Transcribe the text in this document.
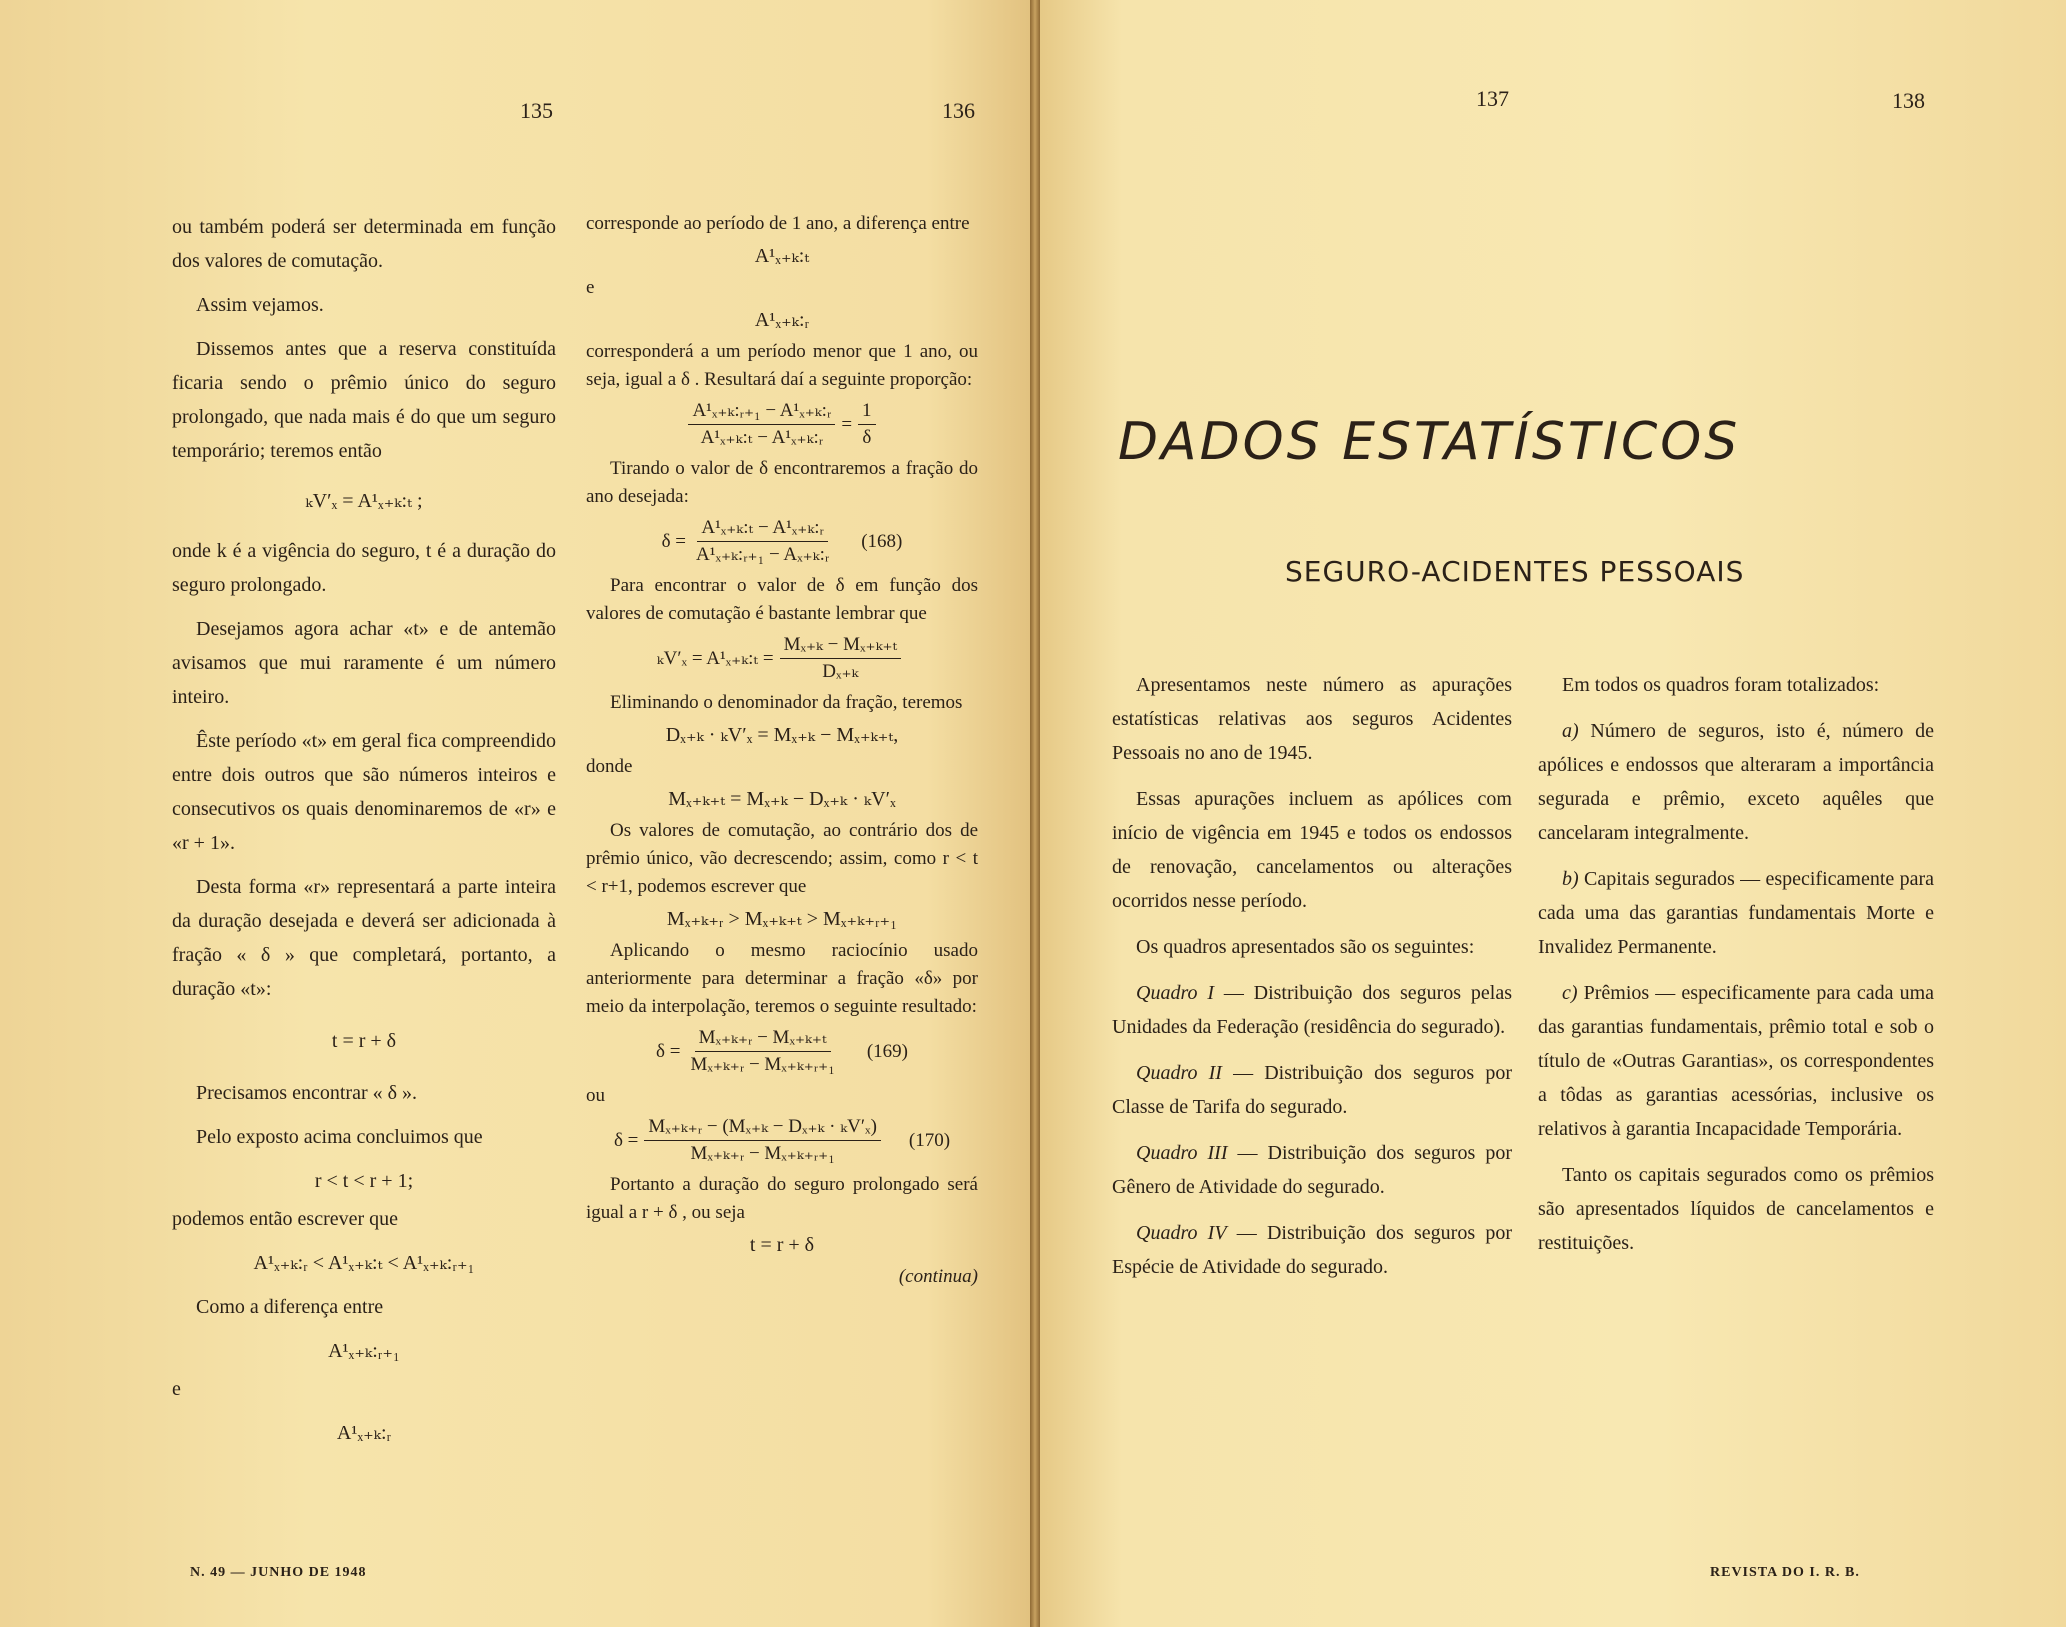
135	136

ou também poderá ser determinada em função dos valores de comutação.

Assim vejamos.

Dissemos antes que a reserva constituída ficaria sendo o prêmio único do seguro prolongado, que nada mais é do que um seguro temporário; teremos então

ₖV′ₓ = A¹ₓ₊ₖ:ₜ ;

onde k é a vigência do seguro, t é a duração do seguro prolongado.

Desejamos agora achar «t» e de antemão avisamos que mui raramente é um número inteiro.

Êste período «t» em geral fica compreendido entre dois outros que são números inteiros e consecutivos os quais denominaremos de «r» e «r + 1».

Desta forma «r» representará a parte inteira da duração desejada e deverá ser adicionada à fração « δ » que completará, portanto, a duração «t»:

t = r + δ

Precisamos encontrar « δ ».

Pelo exposto acima concluimos que

r < t < r + 1;

podemos então escrever que

A¹ₓ₊ₖ:ᵣ < A¹ₓ₊ₖ:ₜ < A¹ₓ₊ₖ:ᵣ₊₁

Como a diferença entre

A¹ₓ₊ₖ:ᵣ₊₁

e

A¹ₓ₊ₖ:ᵣ

corresponde ao período de 1 ano, a diferença entre

A¹ₓ₊ₖ:ₜ

e

A¹ₓ₊ₖ:ᵣ

corresponderá a um período menor que 1 ano, ou seja, igual a δ . Resultará daí a seguinte proporção:

$\frac{\text{A¹ₓ₊ₖ:ᵣ₊₁ − A¹ₓ₊ₖ:ᵣ}}{\text{A¹ₓ₊ₖ:ₜ − A¹ₓ₊ₖ:ᵣ}} = \frac{1}{\delta}$

Tirando o valor de δ encontraremos a fração do ano desejada:

$\delta = \frac{\text{A¹ₓ₊ₖ:ₜ − A¹ₓ₊ₖ:ᵣ}}{\text{A¹ₓ₊ₖ:ᵣ₊₁ − Aₓ₊ₖ:ᵣ}} (168)$

Para encontrar o valor de δ em função dos valores de comutação é bastante lembrar que

ₖV′ₓ = A¹ₓ₊ₖ:ₜ = $\frac{\text{Mₓ₊ₖ − Mₓ₊ₖ₊ₜ}}{\text{Dₓ₊ₖ}}$

Eliminando o denominador da fração, teremos

Dₓ₊ₖ · ₖV′ₓ = Mₓ₊ₖ − Mₓ₊ₖ₊ₜ,

donde

Mₓ₊ₖ₊ₜ = Mₓ₊ₖ − Dₓ₊ₖ · ₖV′ₓ

Os valores de comutação, ao contrário dos de prêmio único, vão decrescendo; assim, como r < t < r+1, podemos escrever que

Mₓ₊ₖ₊ᵣ > Mₓ₊ₖ₊ₜ > Mₓ₊ₖ₊ᵣ₊₁

Aplicando o mesmo raciocínio usado anteriormente para determinar a fração «δ» por meio da interpolação, teremos o seguinte resultado:

$\delta = \frac{\text{Mₓ₊ₖ₊ᵣ − Mₓ₊ₖ₊ₜ}}{\text{Mₓ₊ₖ₊ᵣ − Mₓ₊ₖ₊ᵣ₊₁}} (169)$

ou

$\delta = \frac{\text{Mₓ₊ₖ₊ᵣ − (Mₓ₊ₖ − Dₓ₊ₖ · ₖV′ₓ)}}{\text{Mₓ₊ₖ₊ᵣ − Mₓ₊ₖ₊ᵣ₊₁}} (170)$

Portanto a duração do seguro prolongado será igual a r + δ , ou seja

t = r + δ
(continua)
N. 49 — JUNHO DE 1948
137	138
DADOS ESTATÍSTICOS
SEGURO-ACIDENTES PESSOAIS

Apresentamos neste número as apurações estatísticas relativas aos seguros Acidentes Pessoais no ano de 1945.

Essas apurações incluem as apólices com início de vigência em 1945 e todos os endossos de renovação, cancelamentos ou alterações ocorridos nesse período.

Os quadros apresentados são os seguintes:

Quadro I — Distribuição dos seguros pelas Unidades da Federação (residência do segurado).

Quadro II — Distribuição dos seguros por Classe de Tarifa do segurado.

Quadro III — Distribuição dos seguros por Gênero de Atividade do segurado.

Quadro IV — Distribuição dos seguros por Espécie de Atividade do segurado.

Em todos os quadros foram totalizados:

a) Número de seguros, isto é, número de apólices e endossos que alteraram a importância segurada e prêmio, exceto aquêles que cancelaram integralmente.

b) Capitais segurados — especificamente para cada uma das garantias fundamentais Morte e Invalidez Permanente.

c) Prêmios — especificamente para cada uma das garantias fundamentais, prêmio total e sob o título de «Outras Garantias», os correspondentes a tôdas as garantias acessórias, inclusive os relativos à garantia Incapacidade Temporária.

Tanto os capitais segurados como os prêmios são apresentados líquidos de cancelamentos e restituições.

REVISTA DO I. R. B.
